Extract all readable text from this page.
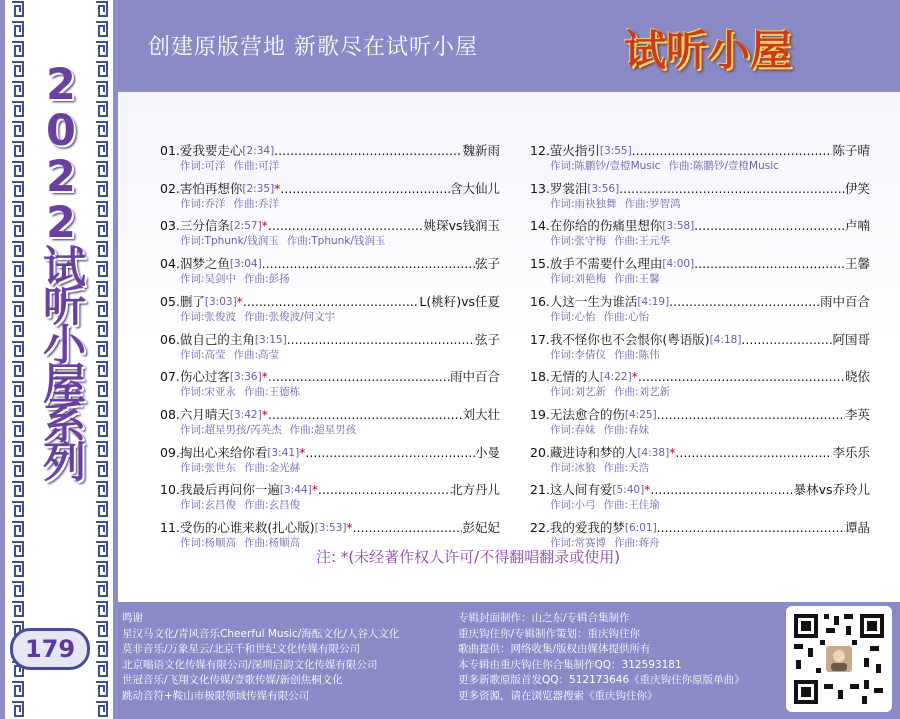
2022试听小屋系列
179
创建原版营地 新歌尽在试听小屋	试听小屋
01.爱我要走心 [2:34] .....	魏新雨
作词:可洋 作曲:可洋
02.害怕再想你 [2:35] * .....	含大仙儿
作词:乔洋 作曲:乔洋
03.三分信条 [2:57] * .....	姚琛vs钱润玉
作词:Tphunk/钱润玉 作曲:Tphunk/钱润玉
04.泅梦之鱼 [3:04] .....	弦子
作词:吴剑中 作曲:彭扬
05.删了 [3:03] * .....	L(桃籽)vs任夏
作词:张俊波 作曲:张俊波/何文宇
06.做自己的主角 [3:15] .....	弦子
作词:高莹 作曲:高莹
07.伤心过客 [3:36] * .....	雨中百合
作词:宋亚永 作曲:王德栋
08.六月晴天 [3:42] * .....	刘大壮
作词:超星男孩/芮英杰 作曲:超星男孩
09.掏出心来给你看 [3:41] * .....	小曼
作词:张世东 作曲:金光赫
10.我最后再问你一遍 [3:44] * .....	北方丹儿
作词:玄昌俊 作曲:玄昌俊
11.受伤的心谁来救(扎心版) [3:53] * .....	彭妃妃
作词:杨顺高 作曲:杨顺高
12.萤火指引 [3:55] .....	陈子晴
作词:陈鹏钞/壹橙Music 作曲:陈鹏钞/壹橙Music
13.罗裳泪 [3:56] .....	伊笑
作词:雨袂独舞 作曲:罗智鸿
14.在你给的伤痛里想你 [3:58] .....	卢喃
作词:张守梅 作曲:王元华
15.放手不需要什么理由 [4:00] .....	王馨
作词:刘艳梅 作曲:王馨
16.人这一生为谁活 [4:19] .....	雨中百合
作词:心怡 作曲:心怡
17.我不怪你也不会恨你(粤语版) [4:18] .....	阿国哥
作词:李倩仪 作曲:陈伟
18.无情的人 [4:22] * .....	晓依
作词:刘艺新 作曲:刘艺新
19.无法愈合的伤 [4:25] .....	李英
作词:春妹 作曲:春妹
20.藏进诗和梦的人 [4:38] * .....	李乐乐
作词:冰狼 作曲:天浩
21.这人间有爱 [5:40] * .....	暴林vs乔玲儿
作词:小弓 作曲:王佳瑜
22.我的爱我的梦 [6:01] .....	谭晶
作词:常赛博 作曲:蒋舟
注: *(未经著作权人许可/不得翻唱翻录或使用)
鸣谢
星汉马文化/青风音乐Cheerful Music/海酝文化/人谷人文化
莫非音乐/万象星云/北京千和世纪文化传媒有限公司
北京嗡语文化传媒有限公司/深圳启韵文化传媒有限公司
世冠音乐/飞翔文化传媒/壹歌传媒/新创焦桐文化
跳动音符+鞍山市极限领域传媒有限公司
专辑封面制作：山之东/专辑合集制作
重庆钩住你/专辑制作策划：重庆钩住你
歌曲提供：网络收集/版权由媒体提供所有
本专辑由重庆钩住你合集制作QQ：312593181
更多新歌原版首发QQ：512173646《重庆钩住你原版单曲》
更多资源，请在浏览器搜索《重庆钩住你》
